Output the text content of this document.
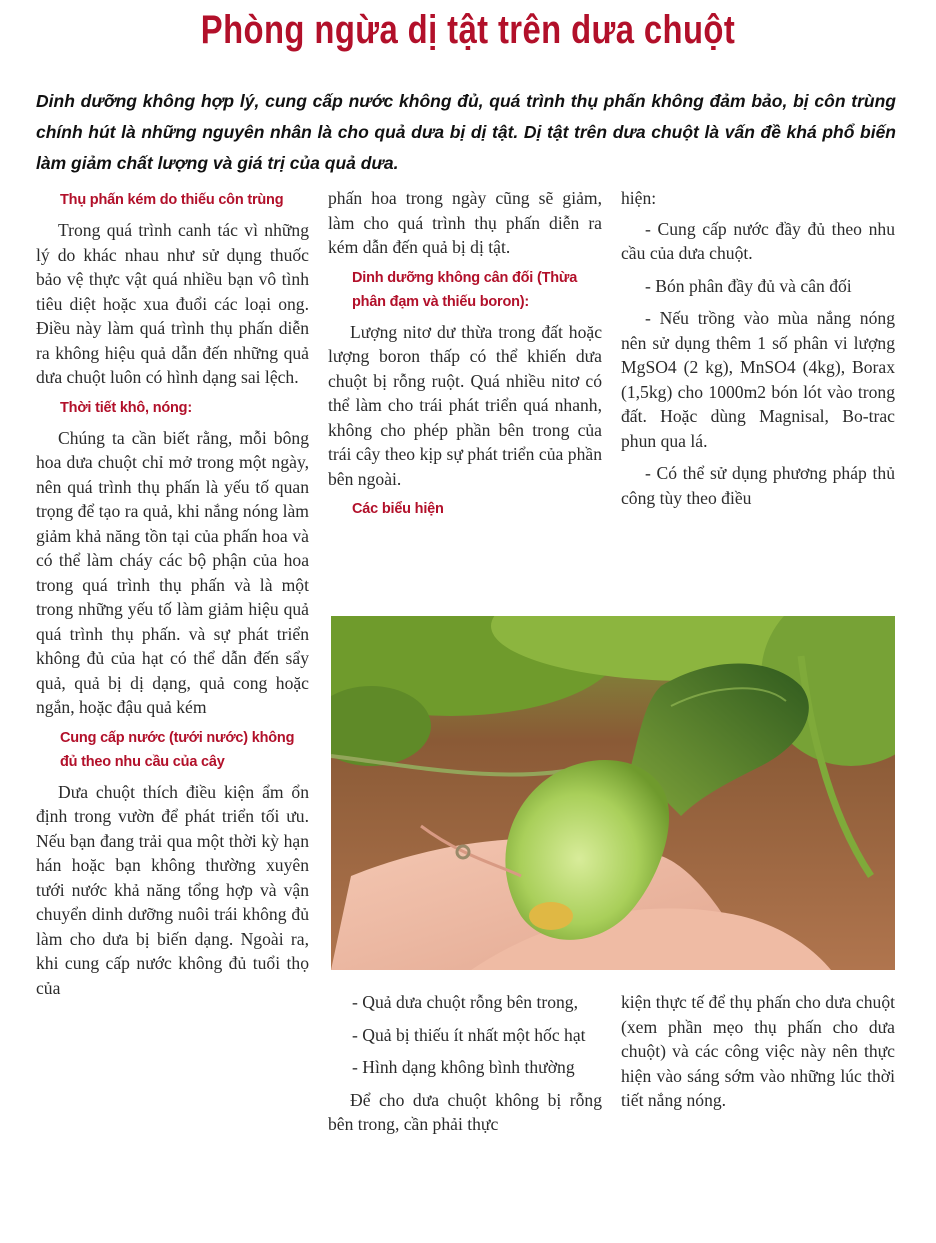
Phòng ngừa dị tật trên dưa chuột
Dinh dưỡng không hợp lý, cung cấp nước không đủ, quá trình thụ phấn không đảm bảo, bị côn trùng chính hút là những nguyên nhân là cho quả dưa bị dị tật. Dị tật trên dưa chuột là vấn đề khá phổ biến làm giảm chất lượng và giá trị của quả dưa.
Thụ phấn kém do thiếu côn trùng

Trong quá trình canh tác vì những lý do khác nhau như sử dụng thuốc bảo vệ thực vật quá nhiều bạn vô tình tiêu diệt hoặc xua đuổi các loại ong. Điều này làm quá trình thụ phấn diễn ra không hiệu quả dẫn đến những quả dưa chuột luôn có hình dạng sai lệch.

Thời tiết khô, nóng:

Chúng ta cần biết rằng, mỗi bông hoa dưa chuột chỉ mở trong một ngày, nên quá trình thụ phấn là yếu tố quan trọng để tạo ra quả, khi nắng nóng làm giảm khả năng tồn tại của phấn hoa và có thể làm cháy các bộ phận của hoa trong quá trình thụ phấn và là một trong những yếu tố làm giảm hiệu quả quá trình thụ phấn. và sự phát triển không đủ của hạt có thể dẫn đến sẩy quả, quả bị dị dạng, quả cong hoặc ngắn, hoặc đậu quả kém

Cung cấp nước (tưới nước) không đủ theo nhu cầu của cây

Dưa chuột thích điều kiện ẩm ổn định trong vườn để phát triển tối ưu. Nếu bạn đang trải qua một thời kỳ hạn hán hoặc bạn không thường xuyên tưới nước khả năng tổng hợp và vận chuyển dinh dưỡng nuôi trái không đủ làm cho dưa bị biến dạng. Ngoài ra, khi cung cấp nước không đủ tuổi thọ của

phấn hoa trong ngày cũng sẽ giảm, làm cho quá trình thụ phấn diễn ra kém dẫn đến quả bị dị tật.

Dinh dưỡng không cân đối (Thừa phân đạm và thiếu boron):

Lượng nitơ dư thừa trong đất hoặc lượng boron thấp có thể khiến dưa chuột bị rỗng ruột. Quá nhiều nitơ có thể làm cho trái phát triển quá nhanh, không cho phép phần bên trong của trái cây theo kịp sự phát triển của phần bên ngoài.

Các biểu hiện

hiện:

- Cung cấp nước đầy đủ theo nhu cầu của dưa chuột.

- Bón phân đầy đủ và cân đối

- Nếu trồng vào mùa nắng nóng nên sử dụng thêm 1 số phân vi lượng MgSO4 (2 kg), MnSO4 (4kg), Borax (1,5kg) cho 1000m2 bón lót vào trong đất. Hoặc dùng Magnisal, Bo-trac phun qua lá.

- Có thể sử dụng phương pháp thủ công tùy theo điều

- Quả dưa chuột rỗng bên trong,

- Quả bị thiếu ít nhất một hốc hạt

- Hình dạng không bình thường

Để cho dưa chuột không bị rỗng bên trong, cần phải thực

kiện thực tế để thụ phấn cho dưa chuột (xem phần mẹo thụ phấn cho dưa chuột) và các công việc này nên thực hiện vào sáng sớm vào những lúc thời tiết nắng nóng.
